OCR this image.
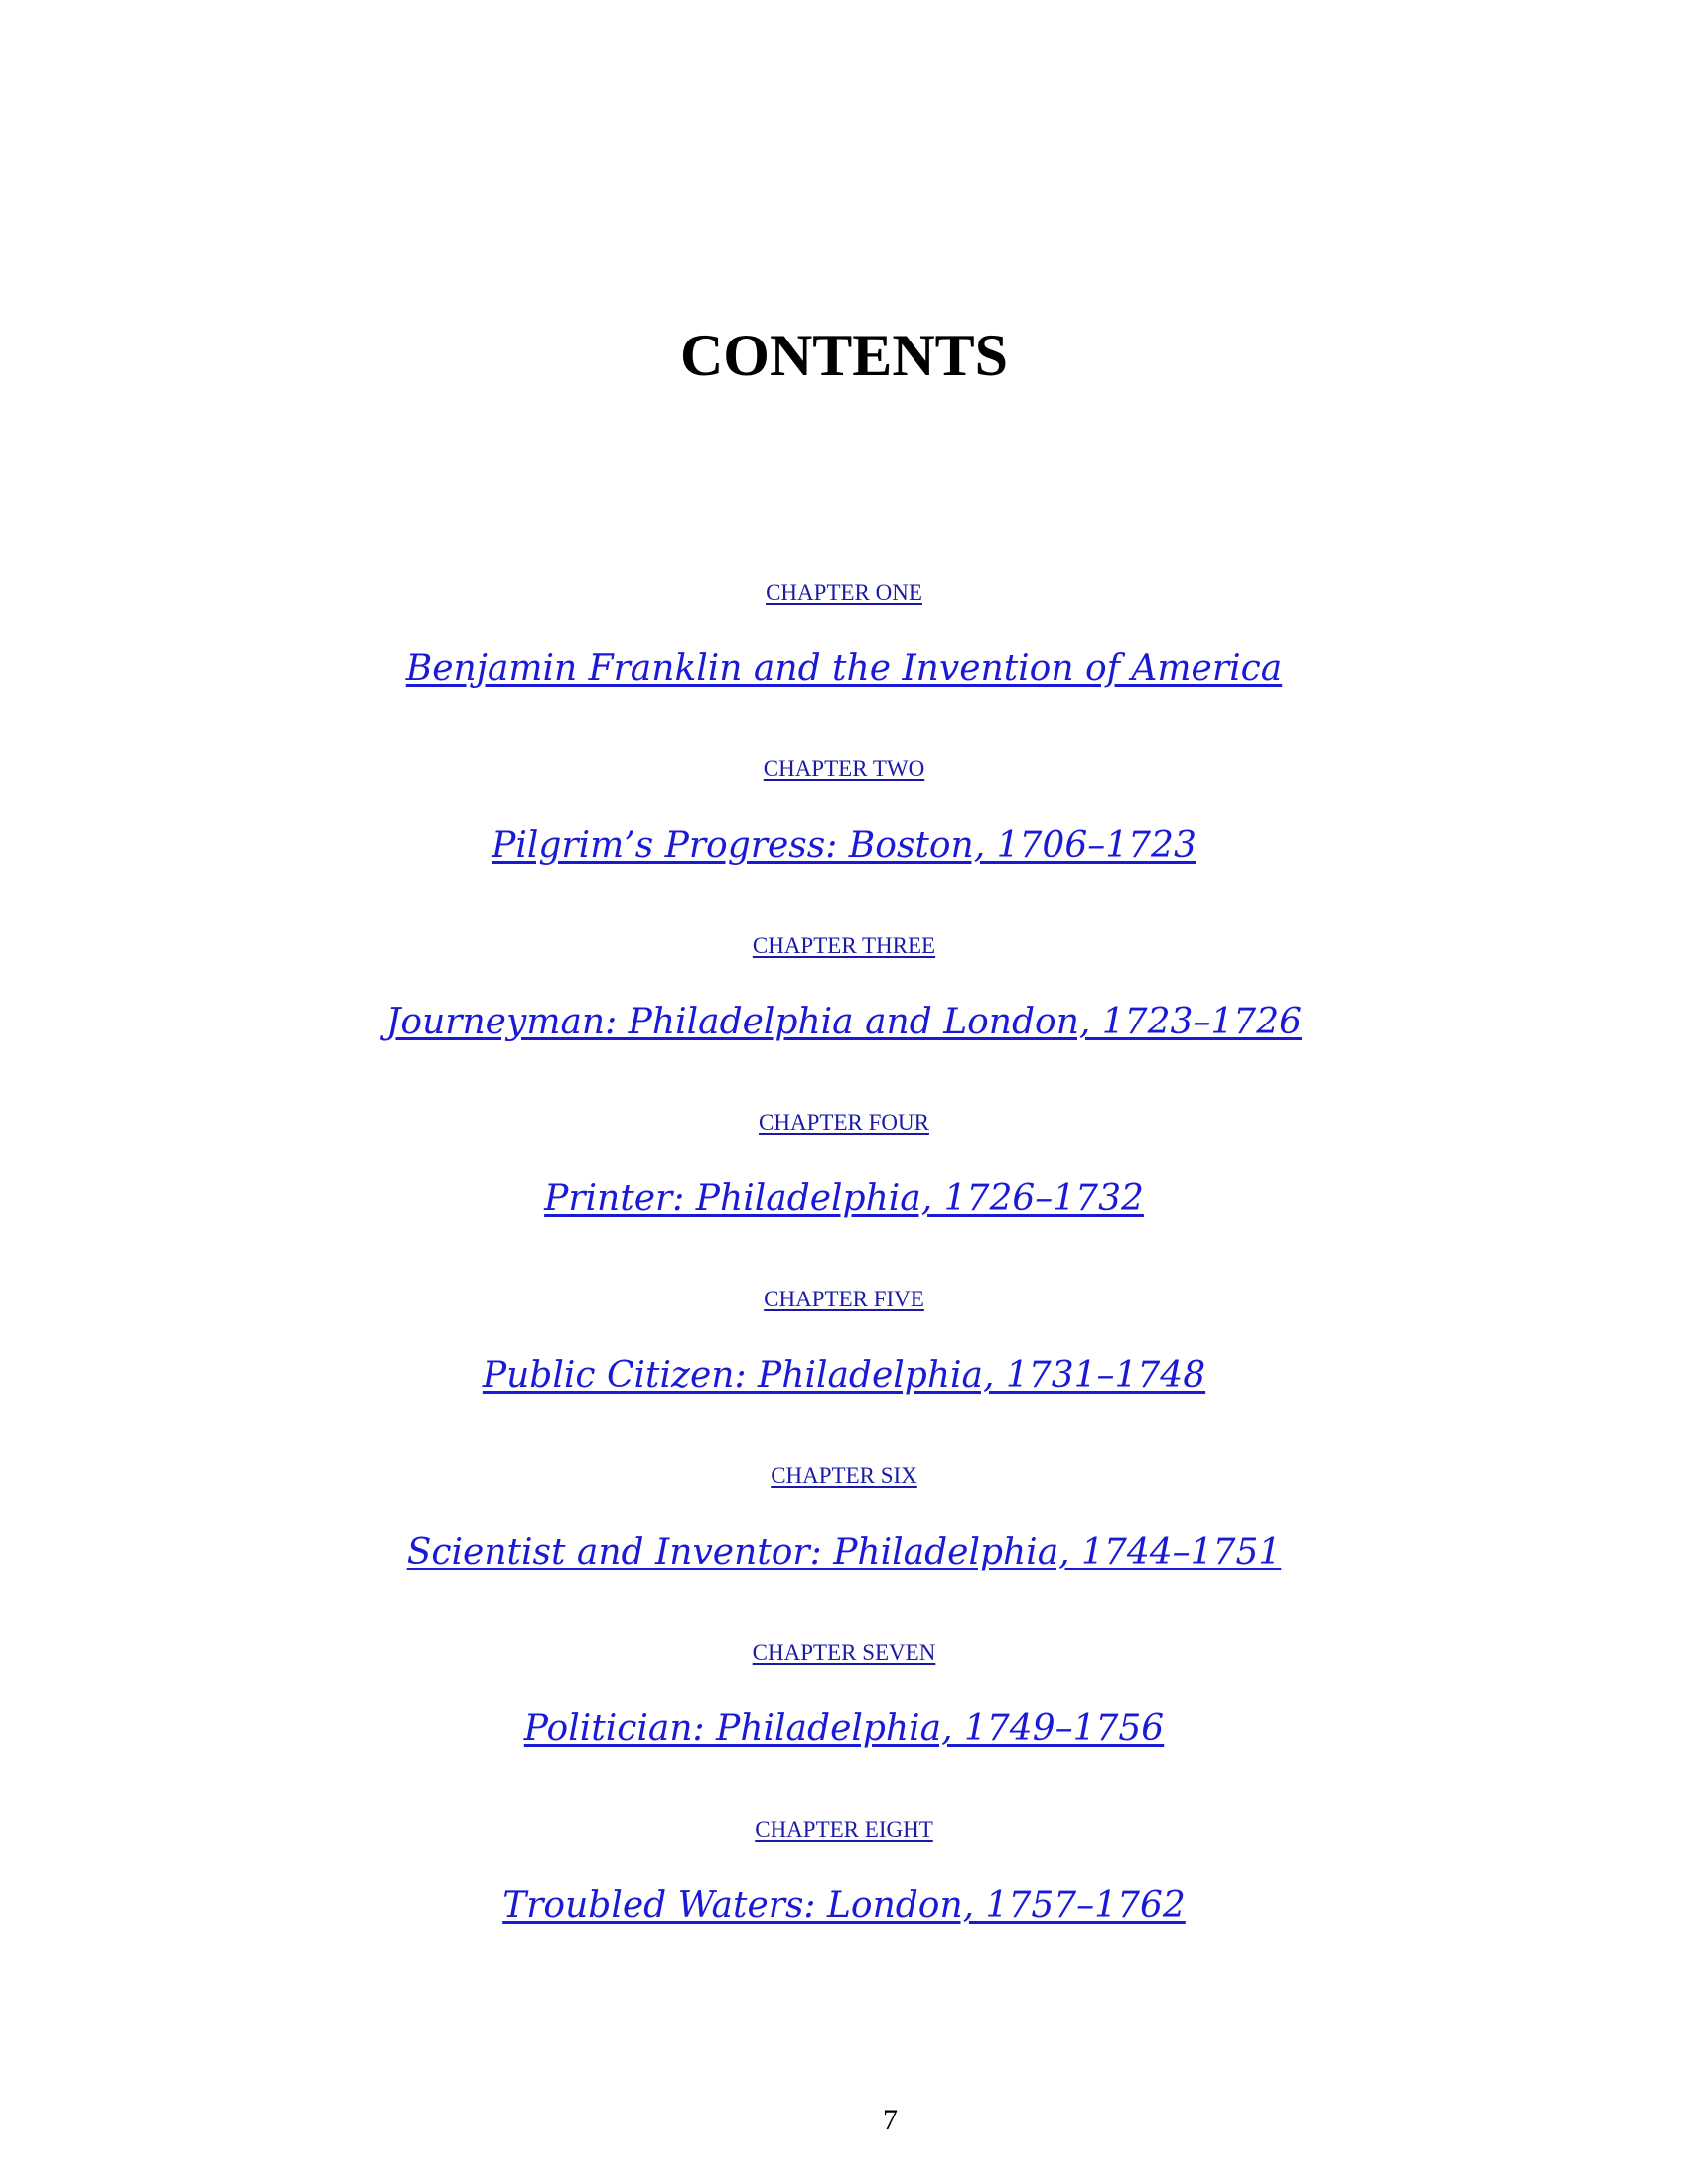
CONTENTS
CHAPTER ONE
Benjamin Franklin and the Invention of America
CHAPTER TWO
Pilgrim’s Progress: Boston, 1706–1723
CHAPTER THREE
Journeyman: Philadelphia and London, 1723–1726
CHAPTER FOUR
Printer: Philadelphia, 1726–1732
CHAPTER FIVE
Public Citizen: Philadelphia, 1731–1748
CHAPTER SIX
Scientist and Inventor: Philadelphia, 1744–1751
CHAPTER SEVEN
Politician: Philadelphia, 1749–1756
CHAPTER EIGHT
Troubled Waters: London, 1757–1762
7
